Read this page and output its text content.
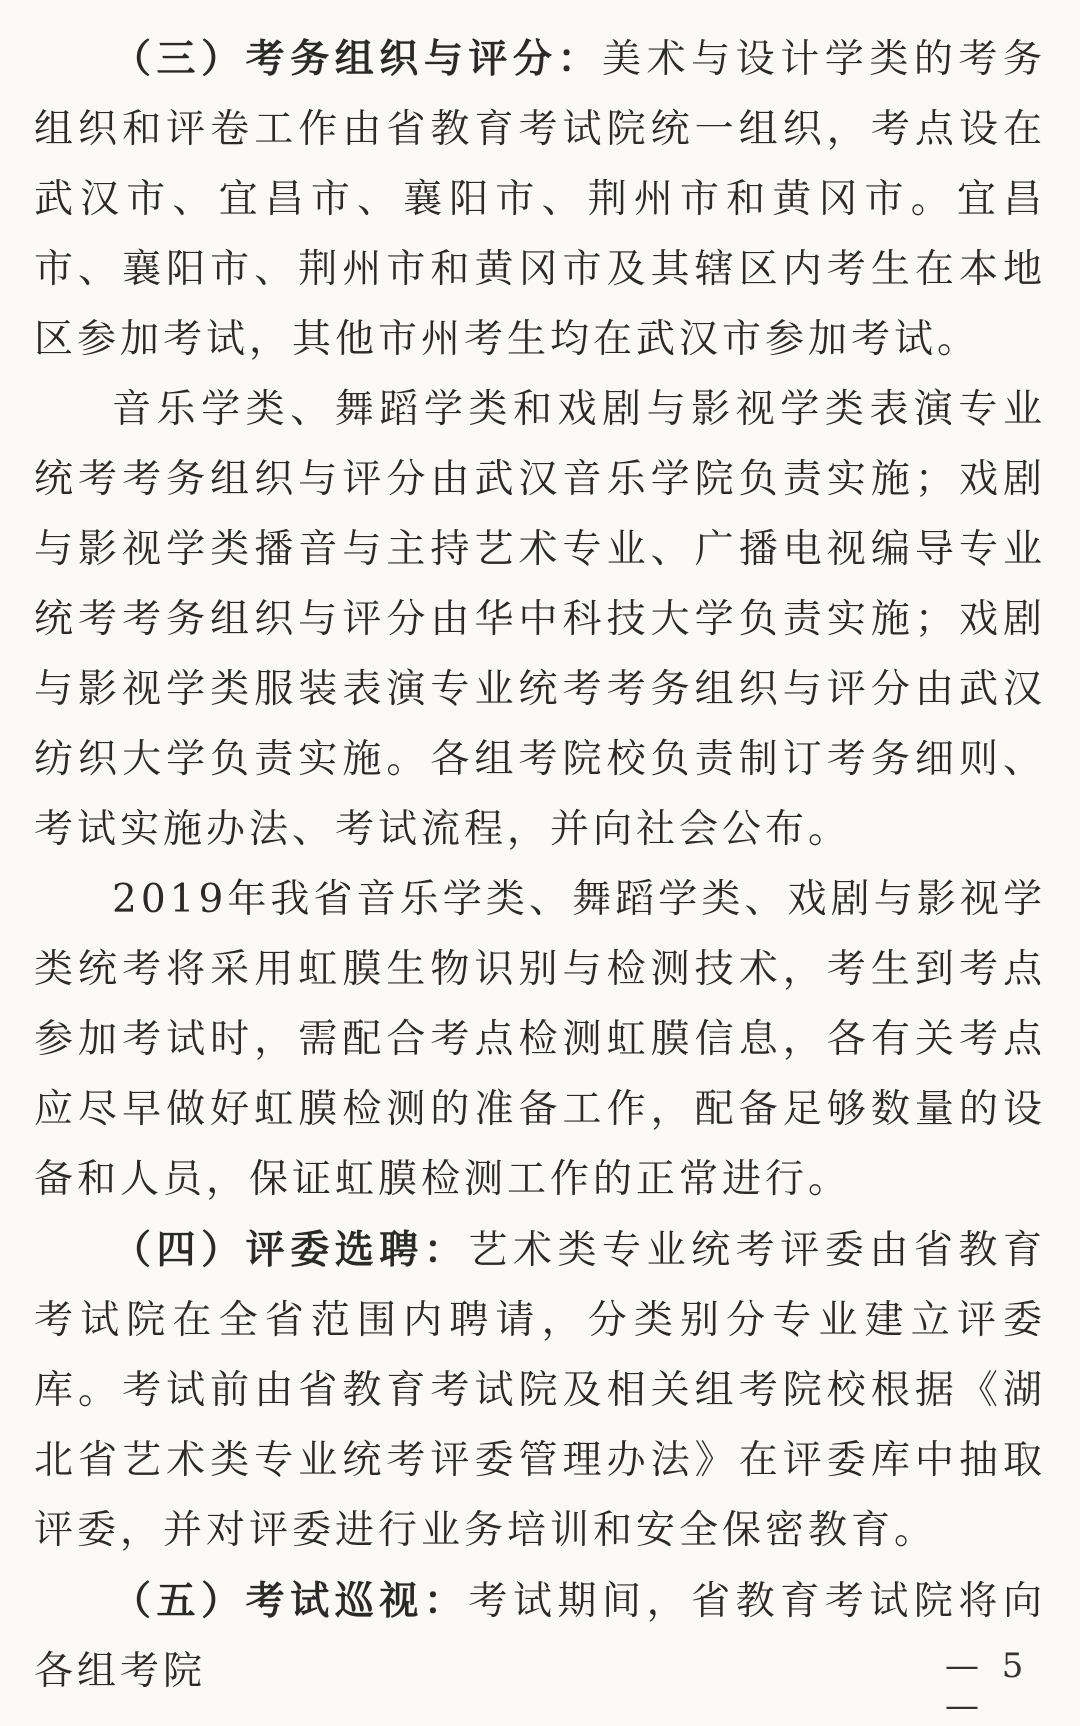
（三）考务组织与评分：美术与设计学类的考务组织和评卷工作由省教育考试院统一组织，考点设在武汉市、宜昌市、襄阳市、荆州市和黄冈市。宜昌市、襄阳市、荆州市和黄冈市及其辖区内考生在本地区参加考试，其他市州考生均在武汉市参加考试。

音乐学类、舞蹈学类和戏剧与影视学类表演专业统考考务组织与评分由武汉音乐学院负责实施；戏剧与影视学类播音与主持艺术专业、广播电视编导专业统考考务组织与评分由华中科技大学负责实施；戏剧与影视学类服装表演专业统考考务组织与评分由武汉纺织大学负责实施。各组考院校负责制订考务细则、考试实施办法、考试流程，并向社会公布。

2019年我省音乐学类、舞蹈学类、戏剧与影视学类统考将采用虹膜生物识别与检测技术，考生到考点参加考试时，需配合考点检测虹膜信息，各有关考点应尽早做好虹膜检测的准备工作，配备足够数量的设备和人员，保证虹膜检测工作的正常进行。

（四）评委选聘：艺术类专业统考评委由省教育考试院在全省范围内聘请，分类别分专业建立评委库。考试前由省教育考试院及相关组考院校根据《湖北省艺术类专业统考评委管理办法》在评委库中抽取评委，并对评委进行业务培训和安全保密教育。

（五）考试巡视：考试期间，省教育考试院将向各组考院	— 5 —
